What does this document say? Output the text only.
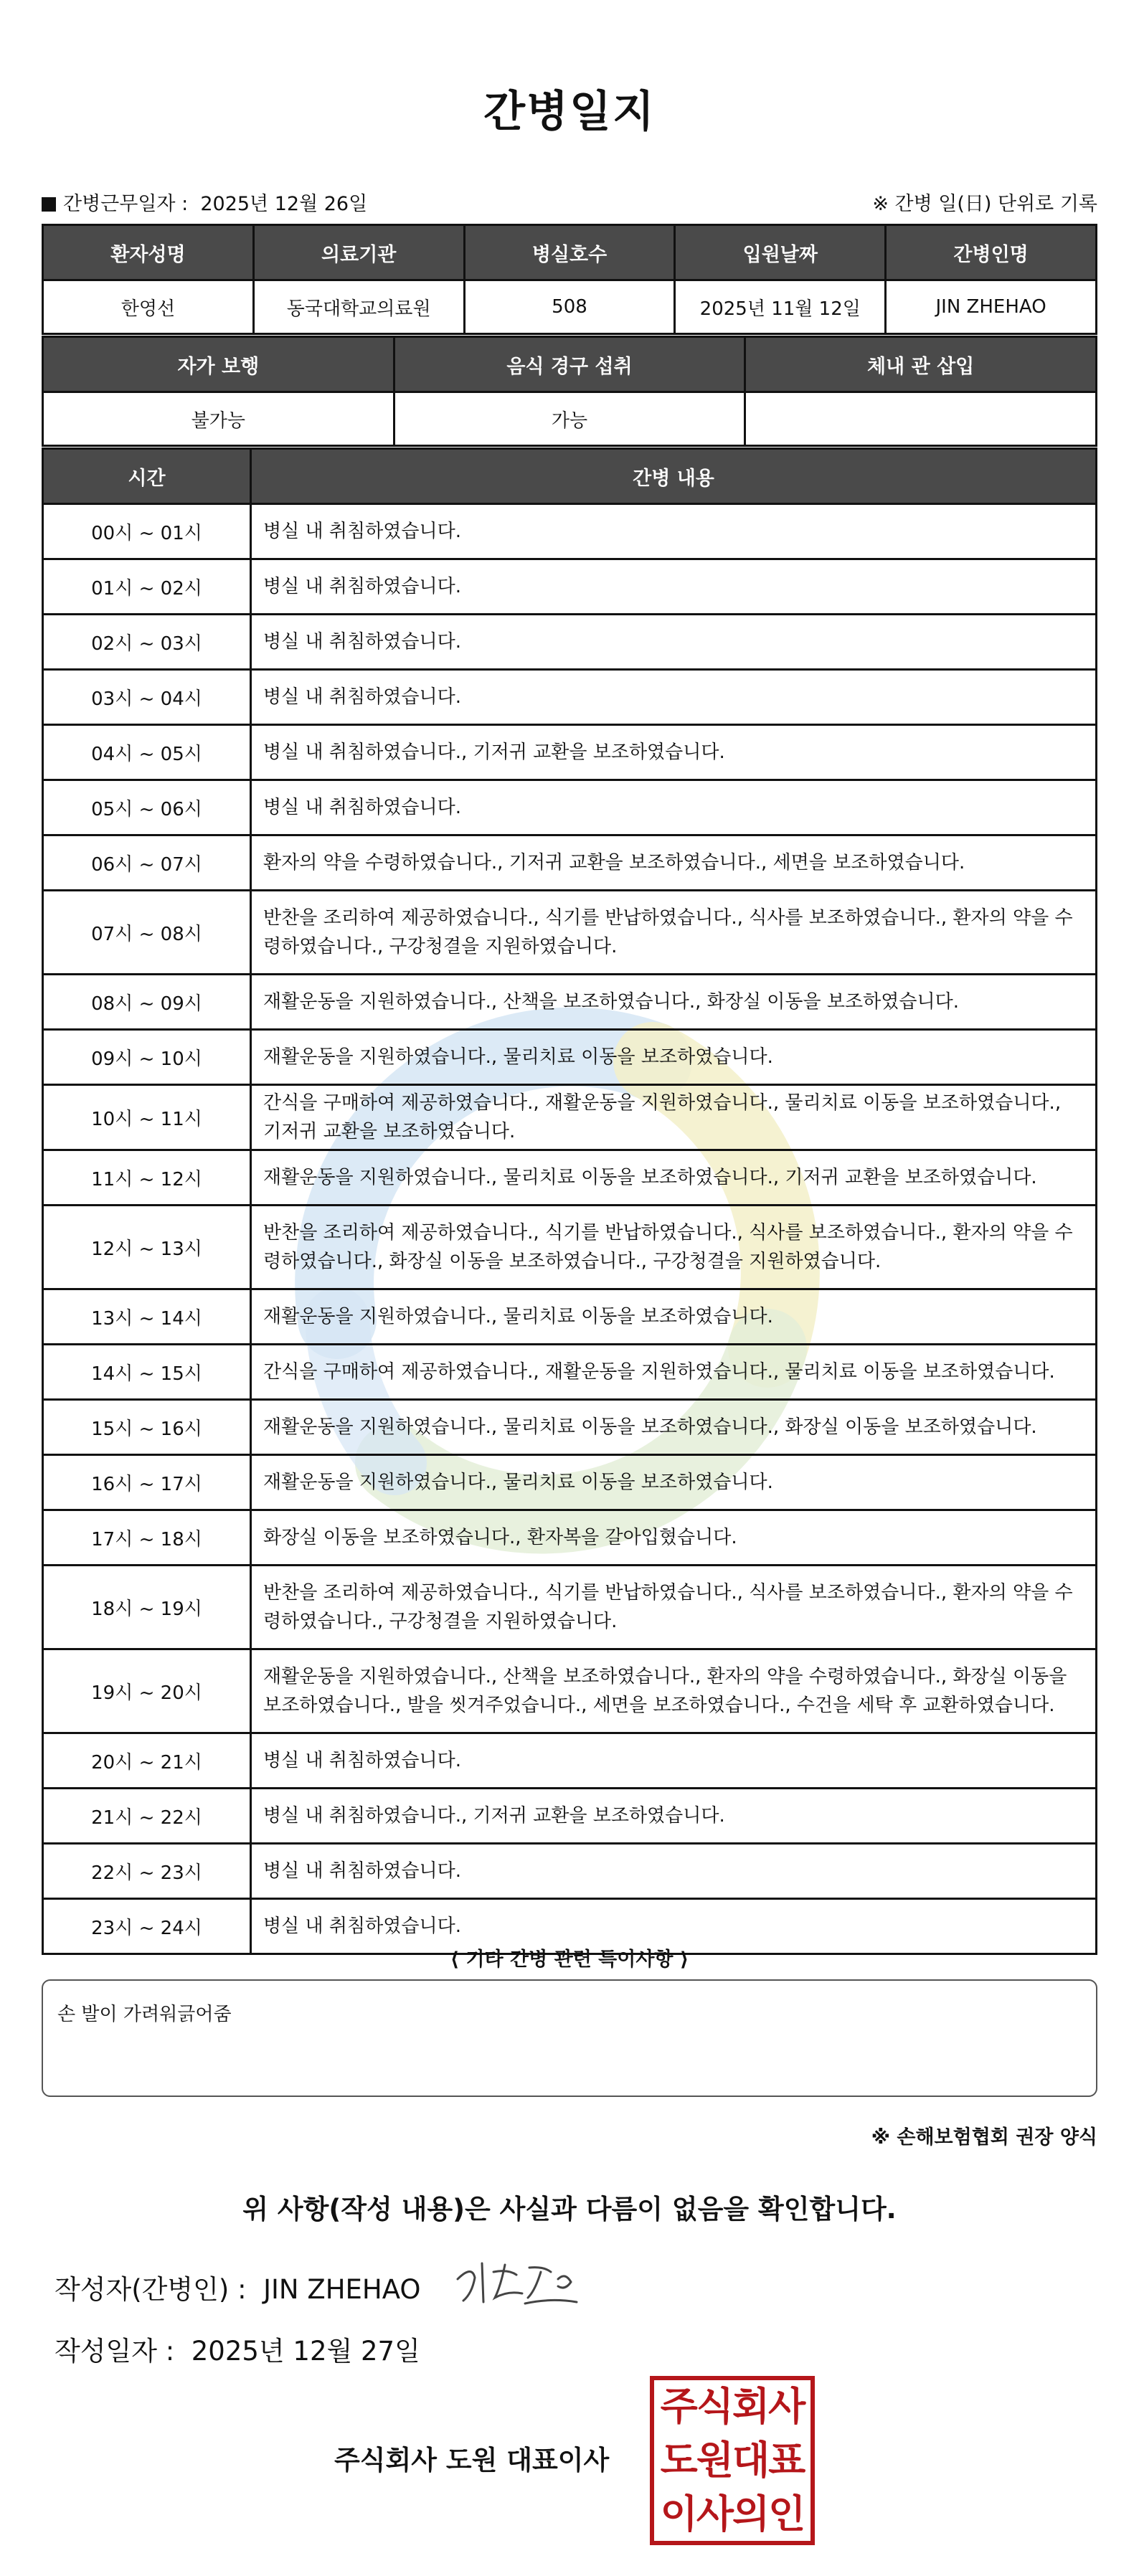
간병일지
간병근무일자 : 2025년 12월 26일	※ 간병 일(日) 단위로 기록
환자성명	의료기관	병실호수	입원날짜	간병인명
한영선	동국대학교의료원	508	2025년 11월 12일	JIN ZHEHAO
자가 보행	음식 경구 섭취	체내 관 삽입
불가능	가능	
시간	간병 내용
00시 ~ 01시	병실 내 취침하였습니다.
01시 ~ 02시	병실 내 취침하였습니다.
02시 ~ 03시	병실 내 취침하였습니다.
03시 ~ 04시	병실 내 취침하였습니다.
04시 ~ 05시	병실 내 취침하였습니다., 기저귀 교환을 보조하였습니다.
05시 ~ 06시	병실 내 취침하였습니다.
06시 ~ 07시	환자의 약을 수령하였습니다., 기저귀 교환을 보조하였습니다., 세면을 보조하였습니다.
07시 ~ 08시	반찬을 조리하여 제공하였습니다., 식기를 반납하였습니다., 식사를 보조하였습니다., 환자의 약을 수령하였습니다., 구강청결을 지원하였습니다.
08시 ~ 09시	재활운동을 지원하였습니다., 산책을 보조하였습니다., 화장실 이동을 보조하였습니다.
09시 ~ 10시	재활운동을 지원하였습니다., 물리치료 이동을 보조하였습니다.
10시 ~ 11시	간식을 구매하여 제공하였습니다., 재활운동을 지원하였습니다., 물리치료 이동을 보조하였습니다., 기저귀 교환을 보조하였습니다.
11시 ~ 12시	재활운동을 지원하였습니다., 물리치료 이동을 보조하였습니다., 기저귀 교환을 보조하였습니다.
12시 ~ 13시	반찬을 조리하여 제공하였습니다., 식기를 반납하였습니다., 식사를 보조하였습니다., 환자의 약을 수령하였습니다., 화장실 이동을 보조하였습니다., 구강청결을 지원하였습니다.
13시 ~ 14시	재활운동을 지원하였습니다., 물리치료 이동을 보조하였습니다.
14시 ~ 15시	간식을 구매하여 제공하였습니다., 재활운동을 지원하였습니다., 물리치료 이동을 보조하였습니다.
15시 ~ 16시	재활운동을 지원하였습니다., 물리치료 이동을 보조하였습니다., 화장실 이동을 보조하였습니다.
16시 ~ 17시	재활운동을 지원하였습니다., 물리치료 이동을 보조하였습니다.
17시 ~ 18시	화장실 이동을 보조하였습니다., 환자복을 갈아입혔습니다.
18시 ~ 19시	반찬을 조리하여 제공하였습니다., 식기를 반납하였습니다., 식사를 보조하였습니다., 환자의 약을 수령하였습니다., 구강청결을 지원하였습니다.
19시 ~ 20시	재활운동을 지원하였습니다., 산책을 보조하였습니다., 환자의 약을 수령하였습니다., 화장실 이동을 보조하였습니다., 발을 씻겨주었습니다., 세면을 보조하였습니다., 수건을 세탁 후 교환하였습니다.
20시 ~ 21시	병실 내 취침하였습니다.
21시 ~ 22시	병실 내 취침하였습니다., 기저귀 교환을 보조하였습니다.
22시 ~ 23시	병실 내 취침하였습니다.
23시 ~ 24시	병실 내 취침하였습니다.
⟨ 기타 간병 관련 특이사항 ⟩
손 발이 가려워긁어줌
※ 손해보험협회 권장 양식
위 사항(작성 내용)은 사실과 다름이 없음을 확인합니다.
작성자(간병인) : JIN ZHEHAO
작성일자 : 2025년 12월 27일
주식회사 도원 대표이사
주식회사
도원대표
이사의인
